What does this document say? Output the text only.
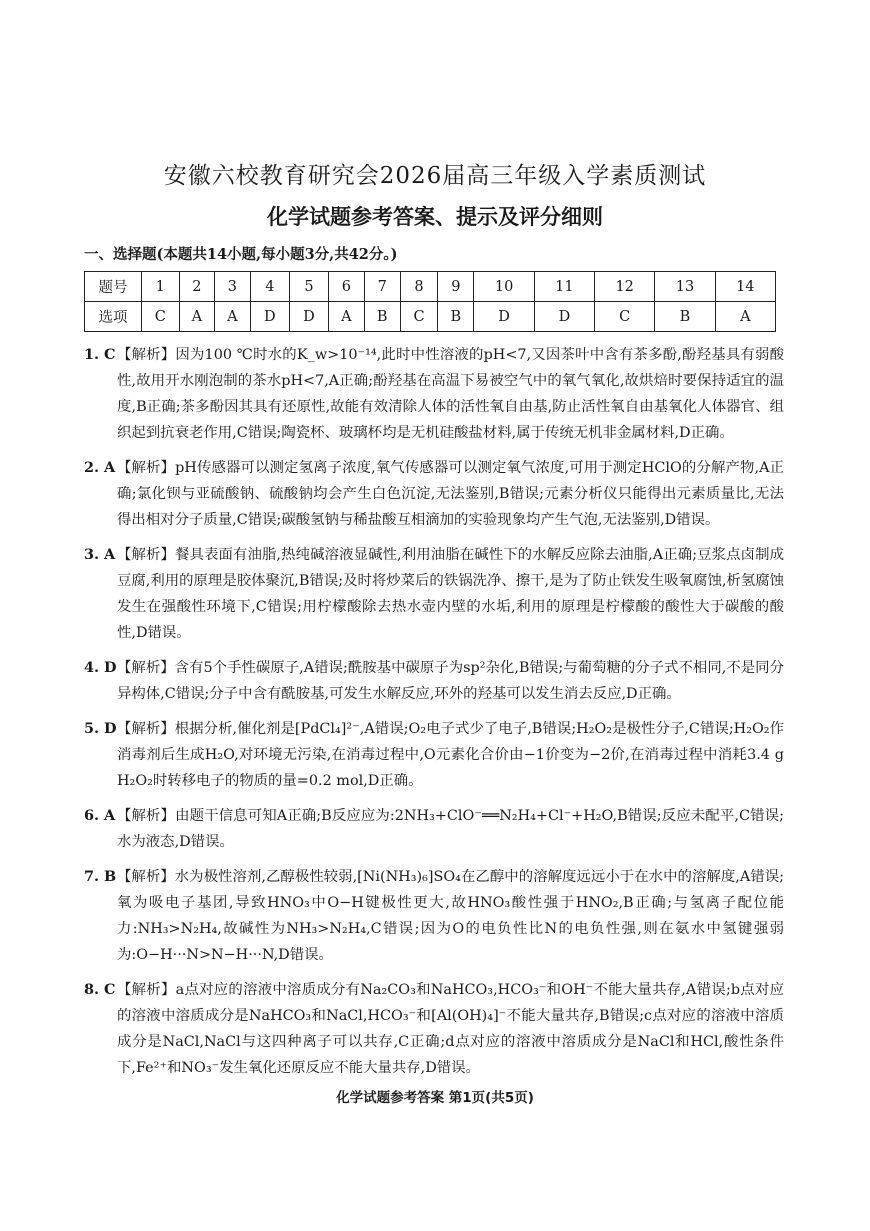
安徽六校教育研究会2026届高三年级入学素质测试
化学试题参考答案、提示及评分细则
一、选择题(本题共14小题,每小题3分,共42分。)
题号	1	2	3	4	5	6	7	8	9	10	11	12	13	14
选项	C	A	A	D	D	A	B	C	B	D	D	C	B	A
1. C 【解析】因为100 ℃时水的K_w>10⁻¹⁴,此时中性溶液的pH<7,又因茶叶中含有茶多酚,酚羟基具有弱酸性,故用开水刚泡制的茶水pH<7,A正确;酚羟基在高温下易被空气中的氧气氧化,故烘焙时要保持适宜的温度,B正确;茶多酚因其具有还原性,故能有效清除人体的活性氧自由基,防止活性氧自由基氧化人体器官、组织起到抗衰老作用,C错误;陶瓷杯、玻璃杯均是无机硅酸盐材料,属于传统无机非金属材料,D正确。
2. A 【解析】pH传感器可以测定氢离子浓度,氧气传感器可以测定氧气浓度,可用于测定HClO的分解产物,A正确;氯化钡与亚硫酸钠、硫酸钠均会产生白色沉淀,无法鉴别,B错误;元素分析仪只能得出元素质量比,无法得出相对分子质量,C错误;碳酸氢钠与稀盐酸互相滴加的实验现象均产生气泡,无法鉴别,D错误。
3. A 【解析】餐具表面有油脂,热纯碱溶液显碱性,利用油脂在碱性下的水解反应除去油脂,A正确;豆浆点卤制成豆腐,利用的原理是胶体聚沉,B错误;及时将炒菜后的铁锅洗净、擦干,是为了防止铁发生吸氧腐蚀,析氢腐蚀发生在强酸性环境下,C错误;用柠檬酸除去热水壶内壁的水垢,利用的原理是柠檬酸的酸性大于碳酸的酸性,D错误。
4. D 【解析】含有5个手性碳原子,A错误;酰胺基中碳原子为sp²杂化,B错误;与葡萄糖的分子式不相同,不是同分异构体,C错误;分子中含有酰胺基,可发生水解反应,环外的羟基可以发生消去反应,D正确。
5. D 【解析】根据分析,催化剂是[PdCl₄]²⁻,A错误;O₂电子式少了电子,B错误;H₂O₂是极性分子,C错误;H₂O₂作消毒剂后生成H₂O,对环境无污染,在消毒过程中,O元素化合价由−1价变为−2价,在消毒过程中消耗3.4 g H₂O₂时转移电子的物质的量=0.2 mol,D正确。
6. A 【解析】由题干信息可知A正确;B反应应为:2NH₃+ClO⁻══N₂H₄+Cl⁻+H₂O,B错误;反应未配平,C错误;水为液态,D错误。
7. B 【解析】水为极性溶剂,乙醇极性较弱,[Ni(NH₃)₆]SO₄在乙醇中的溶解度远远小于在水中的溶解度,A错误;氧为吸电子基团,导致HNO₃中O−H键极性更大,故HNO₃酸性强于HNO₂,B正确;与氢离子配位能力:NH₃>N₂H₄,故碱性为NH₃>N₂H₄,C错误;因为O的电负性比N的电负性强,则在氨水中氢键强弱为:O−H···N>N−H···N,D错误。
8. C 【解析】a点对应的溶液中溶质成分有Na₂CO₃和NaHCO₃,HCO₃⁻和OH⁻不能大量共存,A错误;b点对应的溶液中溶质成分是NaHCO₃和NaCl,HCO₃⁻和[Al(OH)₄]⁻不能大量共存,B错误;c点对应的溶液中溶质成分是NaCl,NaCl与这四种离子可以共存,C正确;d点对应的溶液中溶质成分是NaCl和HCl,酸性条件下,Fe²⁺和NO₃⁻发生氧化还原反应不能大量共存,D错误。
化学试题参考答案 第1页(共5页)
